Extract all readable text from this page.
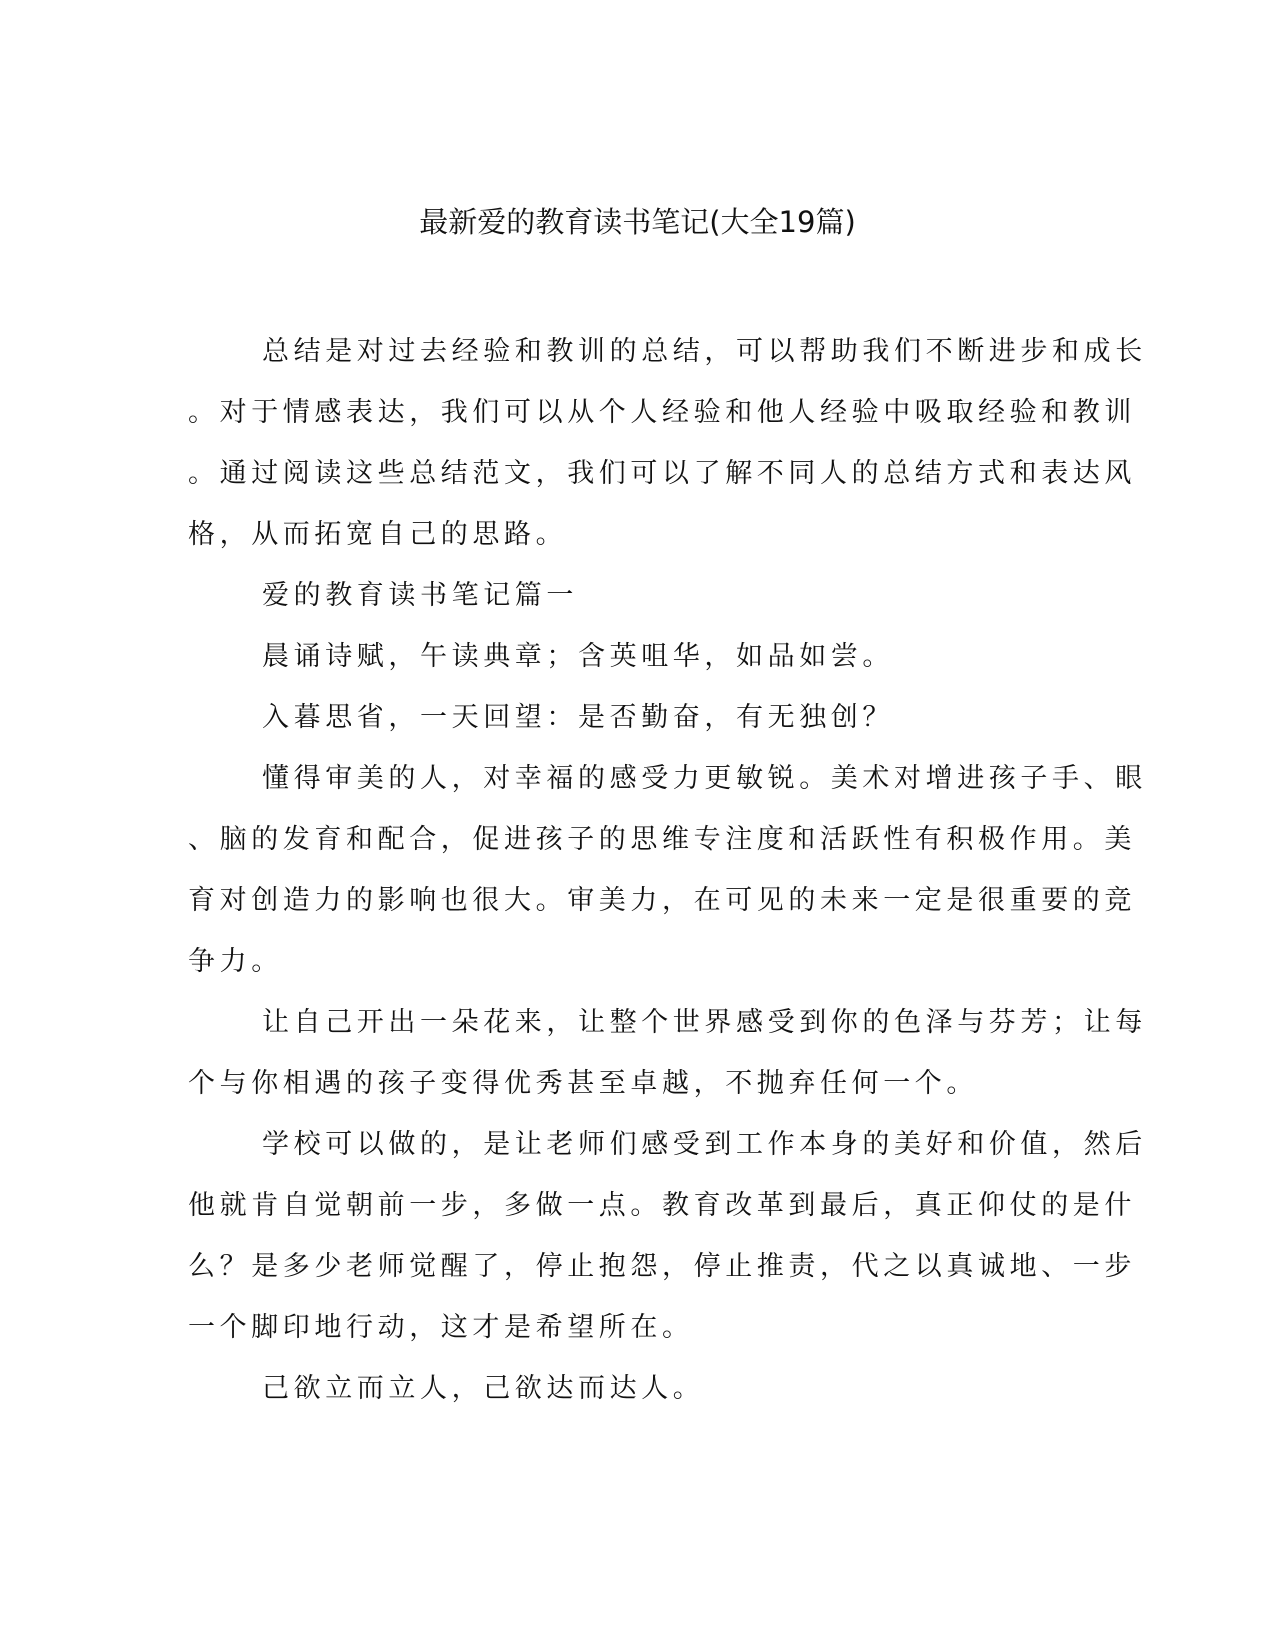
最新爱的教育读书笔记(大全19篇)
总结是对过去经验和教训的总结，可以帮助我们不断进步和成长
。对于情感表达，我们可以从个人经验和他人经验中吸取经验和教训
。通过阅读这些总结范文，我们可以了解不同人的总结方式和表达风
格，从而拓宽自己的思路。
爱的教育读书笔记篇一
晨诵诗赋，午读典章；含英咀华，如品如尝。
入暮思省，一天回望：是否勤奋，有无独创？
懂得审美的人，对幸福的感受力更敏锐。美术对增进孩子手、眼
、脑的发育和配合，促进孩子的思维专注度和活跃性有积极作用。美
育对创造力的影响也很大。审美力，在可见的未来一定是很重要的竞
争力。
让自己开出一朵花来，让整个世界感受到你的色泽与芬芳；让每
个与你相遇的孩子变得优秀甚至卓越，不抛弃任何一个。
学校可以做的，是让老师们感受到工作本身的美好和价值，然后
他就肯自觉朝前一步，多做一点。教育改革到最后，真正仰仗的是什
么？是多少老师觉醒了，停止抱怨，停止推责，代之以真诚地、一步
一个脚印地行动，这才是希望所在。
己欲立而立人，己欲达而达人。
